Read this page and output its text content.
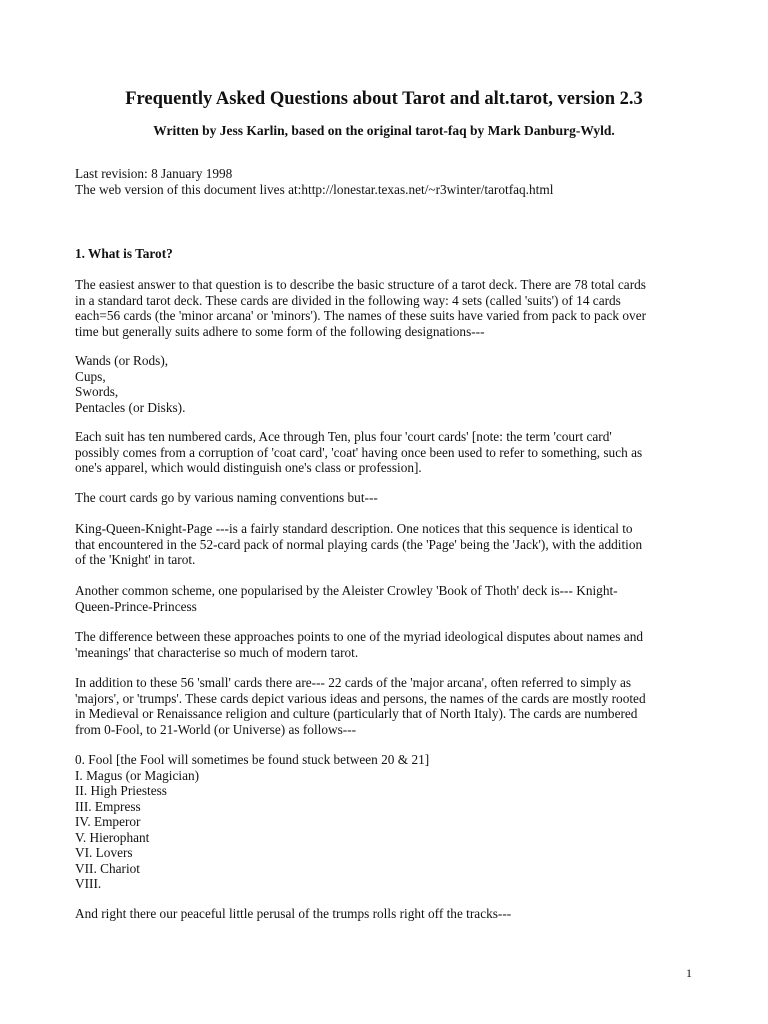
Frequently Asked Questions about Tarot and alt.tarot, version 2.3
Written by Jess Karlin, based on the original tarot-faq by Mark Danburg-Wyld.
Last revision: 8 January 1998
The web version of this document lives at:http://lonestar.texas.net/~r3winter/tarotfaq.html
1. What is Tarot?
The easiest answer to that question is to describe the basic structure of a tarot deck. There are 78 total cards
in a standard tarot deck. These cards are divided in the following way: 4 sets (called 'suits') of 14 cards
each=56 cards (the 'minor arcana' or 'minors'). The names of these suits have varied from pack to pack over
time but generally suits adhere to some form of the following designations---
Wands (or Rods),
Cups,
Swords,
Pentacles (or Disks).
Each suit has ten numbered cards, Ace through Ten, plus four 'court cards' [note: the term 'court card'
possibly comes from a corruption of 'coat card', 'coat' having once been used to refer to something, such as
one's apparel, which would distinguish one's class or profession].
The court cards go by various naming conventions but---
King-Queen-Knight-Page ---is a fairly standard description. One notices that this sequence is identical to
that encountered in the 52-card pack of normal playing cards (the 'Page' being the 'Jack'), with the addition
of the 'Knight' in tarot.
Another common scheme, one popularised by the Aleister Crowley 'Book of Thoth' deck is--- Knight-
Queen-Prince-Princess
The difference between these approaches points to one of the myriad ideological disputes about names and
'meanings' that characterise so much of modern tarot.
In addition to these 56 'small' cards there are--- 22 cards of the 'major arcana', often referred to simply as
'majors', or 'trumps'. These cards depict various ideas and persons, the names of the cards are mostly rooted
in Medieval or Renaissance religion and culture (particularly that of North Italy). The cards are numbered
from 0-Fool, to 21-World (or Universe) as follows---
0. Fool [the Fool will sometimes be found stuck between 20 & 21]
I. Magus (or Magician)
II. High Priestess
III. Empress
IV. Emperor
V. Hierophant
VI. Lovers
VII. Chariot
VIII.
And right there our peaceful little perusal of the trumps rolls right off the tracks---
1
